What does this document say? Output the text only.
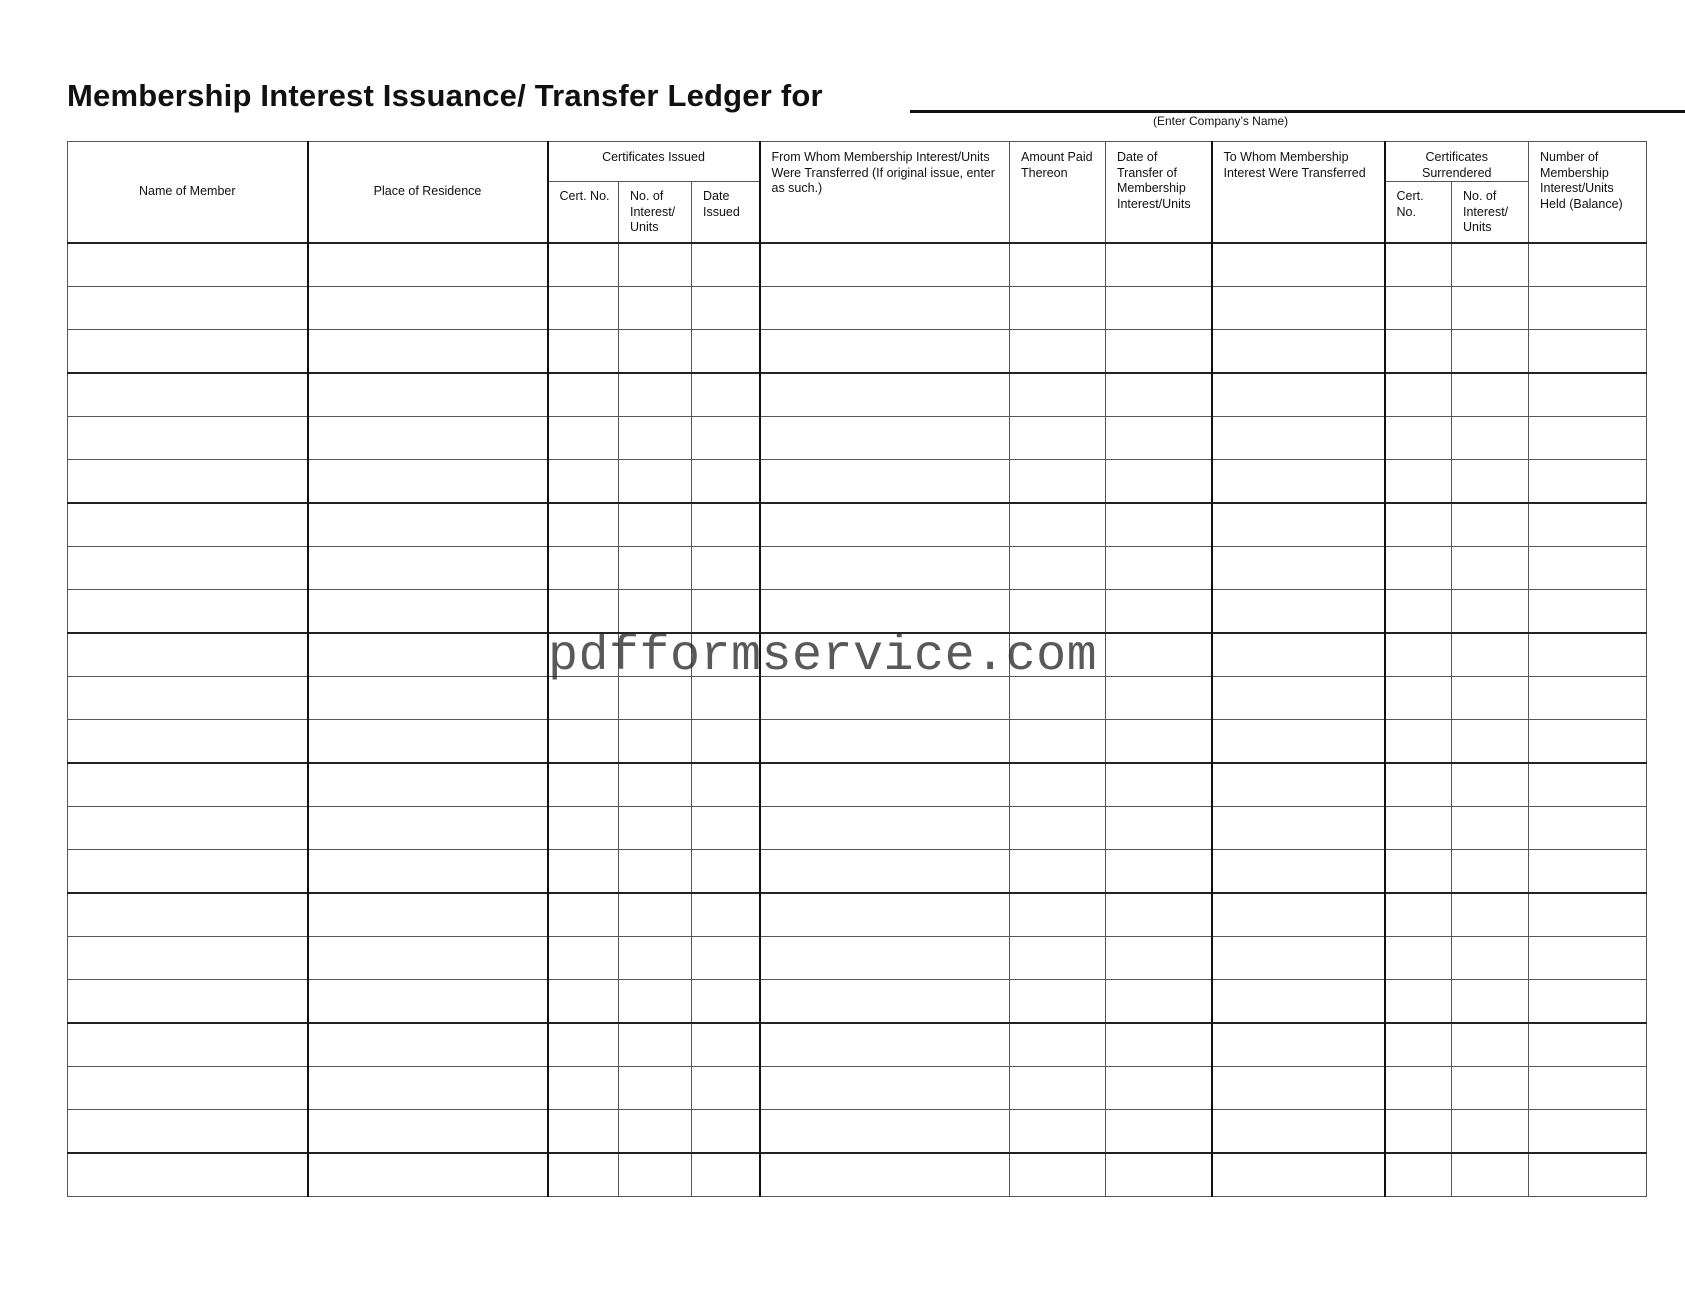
Membership Interest Issuance/ Transfer Ledger for
(Enter Company’s Name)
Name of Member	Place of Residence	Certificates Issued			From Whom Membership Interest/Units Were Transferred (If original issue, enter as such.)	Amount Paid Thereon	Date of Transfer of Membership Interest/Units	To Whom Membership Interest Were Transferred	Certificates Surrendered		Number of Membership Interest/Units Held (Balance)
		Cert. No.	No. of Interest/ Units	Date Issued					Cert. No.	No. of Interest/ Units	

pdfformservice.com
